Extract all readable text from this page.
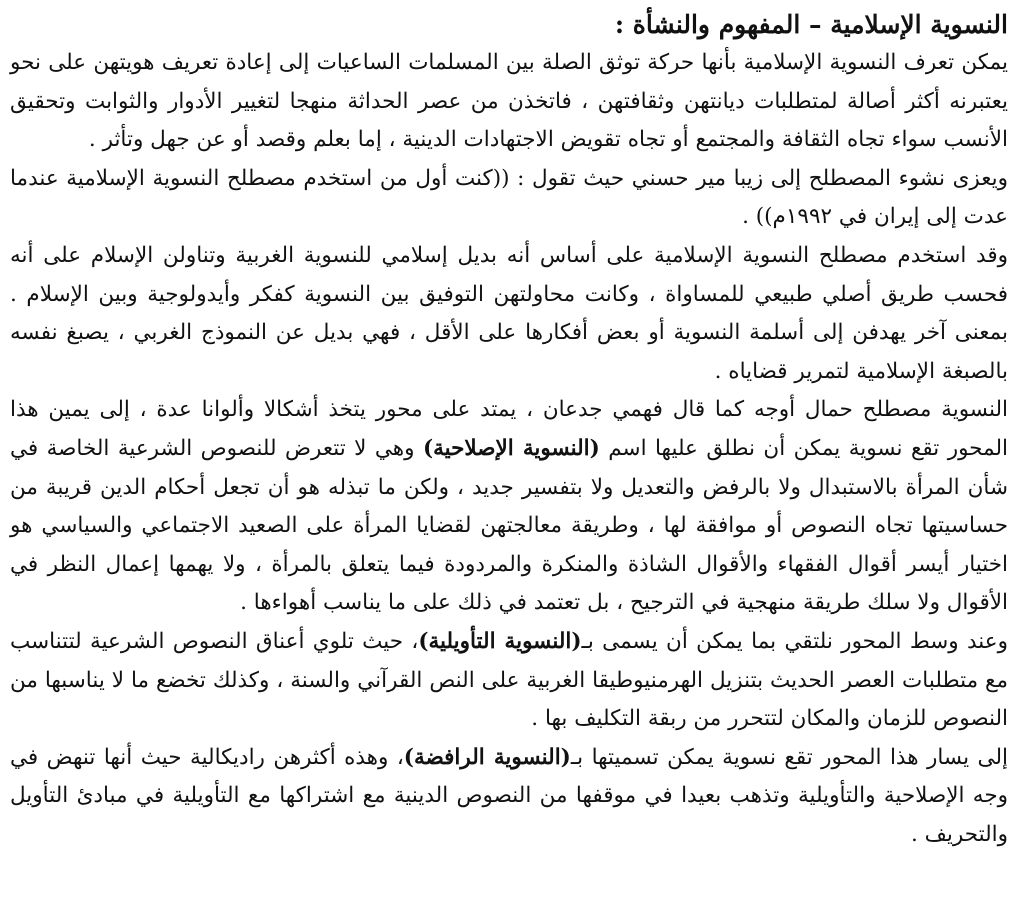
النسوية الإسلامية – المفهوم والنشأة :

يمكن تعرف النسوية الإسلامية بأنها حركة توثق الصلة بين المسلمات الساعيات إلى إعادة تعريف هويتهن على نحو يعتبرنه أكثر أصالة لمتطلبات ديانتهن وثقافتهن ، فاتخذن من عصر الحداثة منهجا لتغيير الأدوار والثوابت وتحقيق الأنسب سواء تجاه الثقافة والمجتمع أو تجاه تقويض الاجتهادات الدينية ، إما بعلم وقصد أو عن جهل وتأثر .

ويعزى نشوء المصطلح إلى زيبا مير حسني حيث تقول : ((كنت أول من استخدم مصطلح النسوية الإسلامية عندما عدت إلى إيران في ١٩٩٢م)) .

وقد استخدم مصطلح النسوية الإسلامية على أساس أنه بديل إسلامي للنسوية الغربية وتناولن الإسلام على أنه فحسب طريق أصلي طبيعي للمساواة ، وكانت محاولتهن التوفيق بين النسوية كفكر وأيدولوجية وبين الإسلام . بمعنى آخر يهدفن إلى أسلمة النسوية أو بعض أفكارها على الأقل ، فهي بديل عن النموذج الغربي ، يصبغ نفسه بالصبغة الإسلامية لتمرير قضاياه .

النسوية مصطلح حمال أوجه كما قال فهمي جدعان ، يمتد على محور يتخذ أشكالا وألوانا عدة ، إلى يمين هذا المحور تقع نسوية يمكن أن نطلق عليها اسم (النسوية الإصلاحية) وهي لا تتعرض للنصوص الشرعية الخاصة في شأن المرأة بالاستبدال ولا بالرفض والتعديل ولا بتفسير جديد ، ولكن ما تبذله هو أن تجعل أحكام الدين قريبة من حساسيتها تجاه النصوص أو موافقة لها ، وطريقة معالجتهن لقضايا المرأة على الصعيد الاجتماعي والسياسي هو اختيار أيسر أقوال الفقهاء والأقوال الشاذة والمنكرة والمردودة فيما يتعلق بالمرأة ، ولا يهمها إعمال النظر في الأقوال ولا سلك طريقة منهجية في الترجيح ، بل تعتمد في ذلك على ما يناسب أهواءها .

وعند وسط المحور نلتقي بما يمكن أن يسمى بـ(النسوية التأويلية)، حيث تلوي أعناق النصوص الشرعية لتتناسب مع متطلبات العصر الحديث بتنزيل الهرمنيوطيقا الغربية على النص القرآني والسنة ، وكذلك تخضع ما لا يناسبها من النصوص للزمان والمكان لتتحرر من ربقة التكليف بها .

إلى يسار هذا المحور تقع نسوية يمكن تسميتها بـ(النسوية الرافضة)، وهذه أكثرهن راديكالية حيث أنها تنهض في وجه الإصلاحية والتأويلية وتذهب بعيدا في موقفها من النصوص الدينية مع اشتراكها مع التأويلية في مبادئ التأويل والتحريف .
